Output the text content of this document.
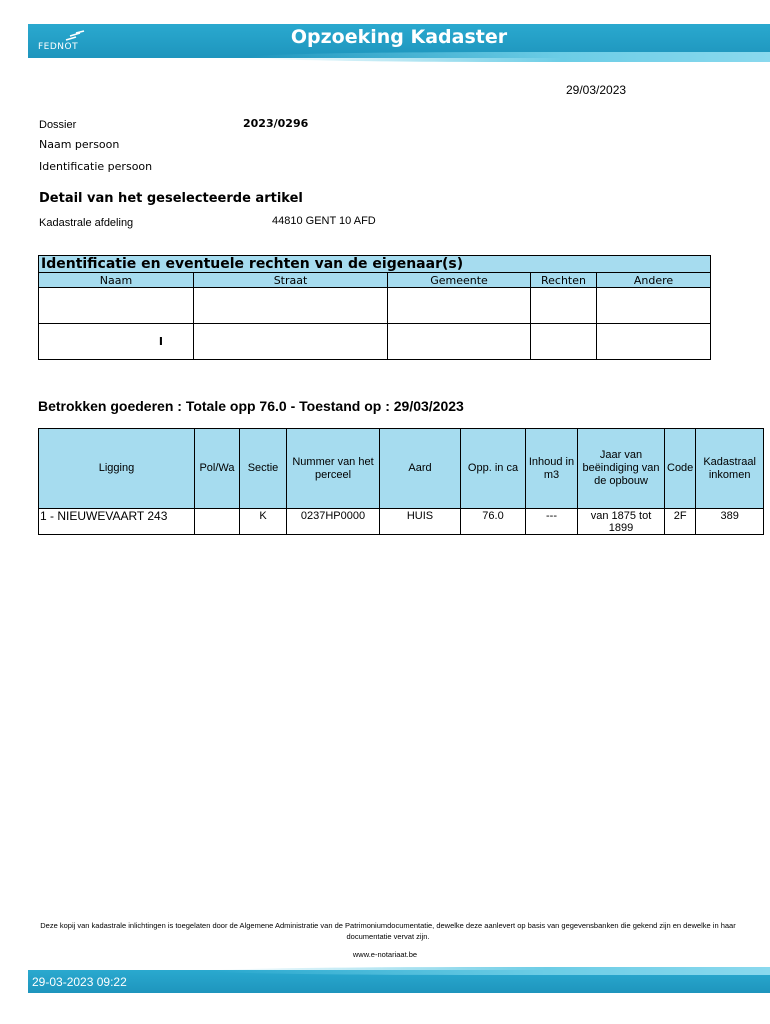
FEDNOT	Opzoeking Kadaster
29/03/2023
Dossier	2023/0296
Naam persoon
Identificatie persoon
Detail van het geselecteerde artikel
Kadastrale afdeling	44810 GENT 10 AFD
Identificatie en eventuele rechten van de eigenaar(s)				
Naam	Straat	Gemeente	Rechten	Andere

I				

Betrokken goederen : Totale opp 76.0 - Toestand op : 29/03/2023
Ligging	Pol/Wa	Sectie	Nummer van het perceel	Aard	Opp. in ca	Inhoud in m3	Jaar van beëindiging van de opbouw	Code	Kadastraal inkomen
1 - NIEUWEVAART 243		K	0237HP0000	HUIS	76.0	---	van 1875 tot 1899	2F	389
Deze kopij van kadastrale inlichtingen is toegelaten door de Algemene Administratie van de Patrimoniumdocumentatie, dewelke deze aanlevert op basis van gegevensbanken die gekend zijn en dewelke in haar documentatie vervat zijn.
www.e-notariaat.be
29-03-2023 09:22
